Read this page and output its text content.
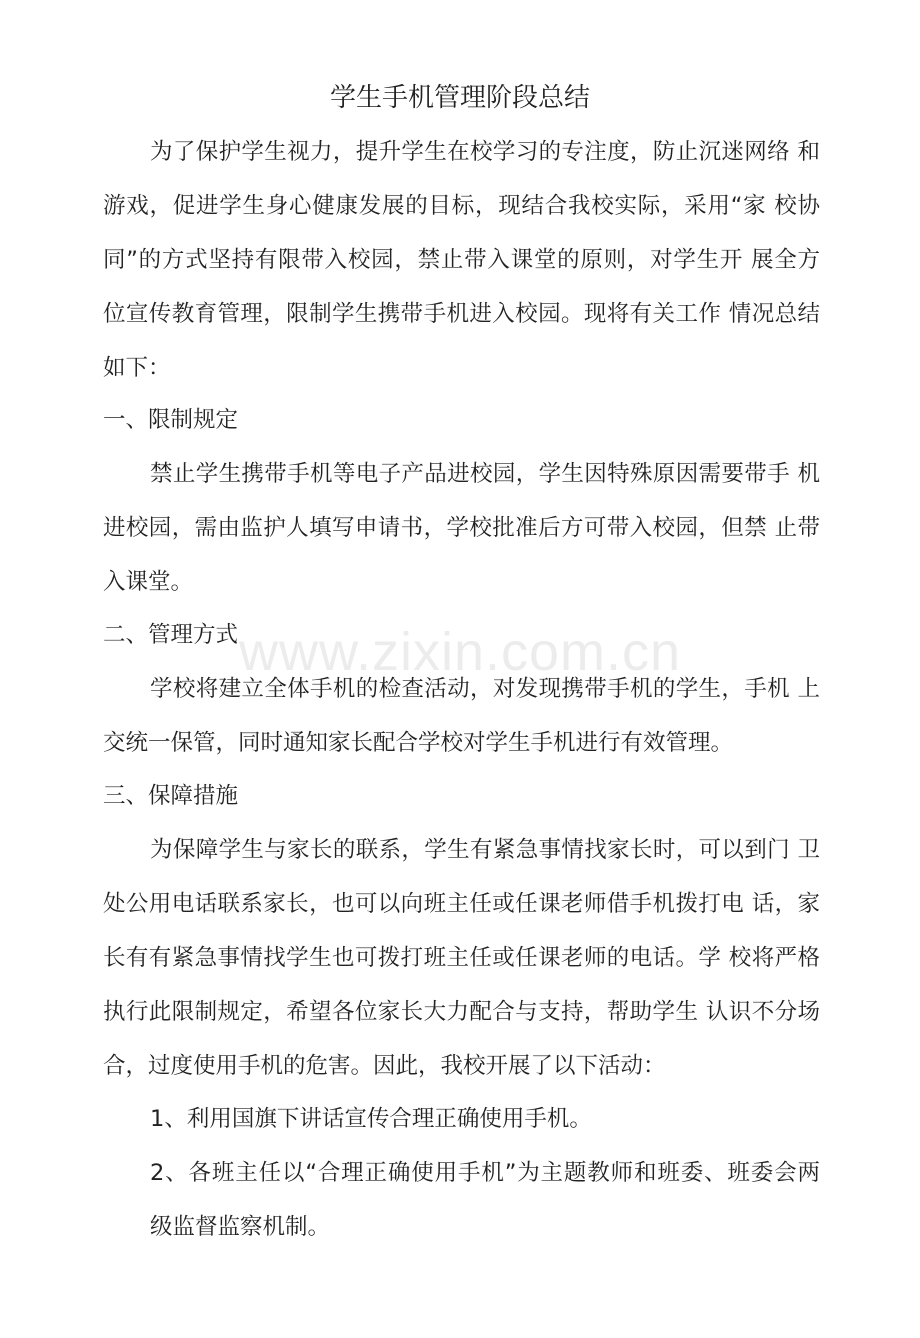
学生手机管理阶段总结
为了保护学生视力，提升学生在校学习的专注度，防止沉迷网络 和
游戏，促进学生身心健康发展的目标，现结合我校实际，采用“家 校协
同”的方式坚持有限带入校园，禁止带入课堂的原则，对学生开 展全方
位宣传教育管理，限制学生携带手机进入校园。现将有关工作 情况总结
如下：
一、限制规定
禁止学生携带手机等电子产品进校园，学生因特殊原因需要带手 机
进校园，需由监护人填写申请书，学校批准后方可带入校园，但禁 止带
入课堂。
二、管理方式
学校将建立全体手机的检查活动，对发现携带手机的学生，手机 上
交统一保管，同时通知家长配合学校对学生手机进行有效管理。
三、保障措施
为保障学生与家长的联系，学生有紧急事情找家长时，可以到门 卫
处公用电话联系家长，也可以向班主任或任课老师借手机拨打电 话，家
长有有紧急事情找学生也可拨打班主任或任课老师的电话。学 校将严格
执行此限制规定，希望各位家长大力配合与支持，帮助学生 认识不分场
合，过度使用手机的危害。因此，我校开展了以下活动：
1、利用国旗下讲话宣传合理正确使用手机。
2、各班主任以“合理正确使用手机”为主题教师和班委、班委会两
级监督监察机制。
www.zixin.com.cn
